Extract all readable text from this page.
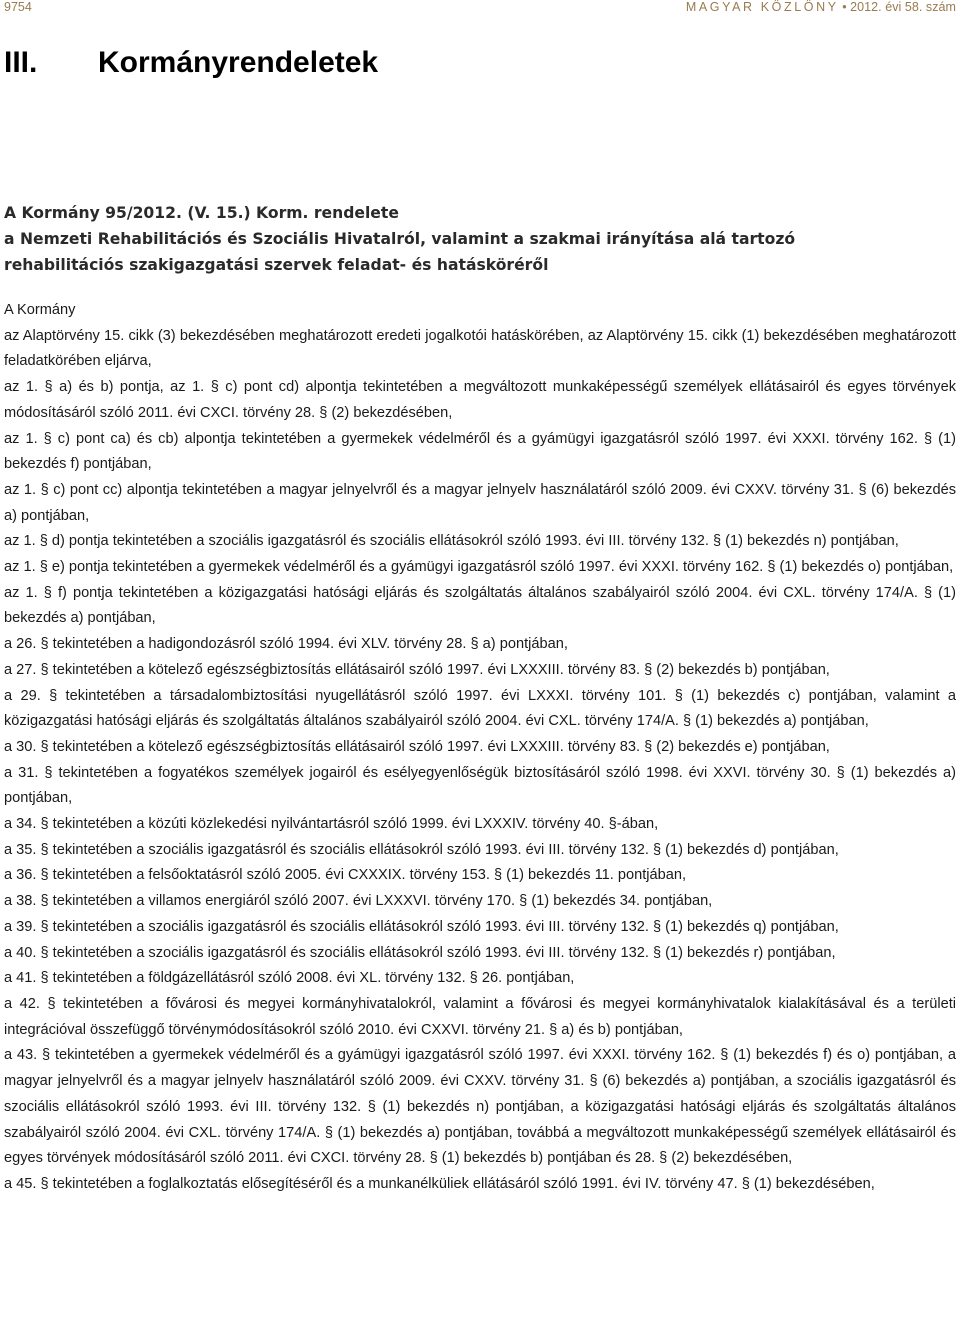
9754	MAGYAR KÖZLÖNY • 2012. évi 58. szám
III. Kormányrendeletek
A Kormány 95/2012. (V. 15.) Korm. rendelete
a Nemzeti Rehabilitációs és Szociális Hivatalról, valamint a szakmai irányítása alá tartozó
rehabilitációs szakigazgatási szervek feladat- és hatásköréről

A Kormány

az Alaptörvény 15. cikk (3) bekezdésében meghatározott eredeti jogalkotói hatáskörében, az Alaptörvény 15. cikk (1) bekezdésében meghatározott feladatkörében eljárva,

az 1. § a) és b) pontja, az 1. § c) pont cd) alpontja tekintetében a megváltozott munkaképességű személyek ellátásairól és egyes törvények módosításáról szóló 2011. évi CXCI. törvény 28. § (2) bekezdésében,

az 1. § c) pont ca) és cb) alpontja tekintetében a gyermekek védelméről és a gyámügyi igazgatásról szóló 1997. évi XXXI. törvény 162. § (1) bekezdés f) pontjában,

az 1. § c) pont cc) alpontja tekintetében a magyar jelnyelvről és a magyar jelnyelv használatáról szóló 2009. évi CXXV. törvény 31. § (6) bekezdés a) pontjában,

az 1. § d) pontja tekintetében a szociális igazgatásról és szociális ellátásokról szóló 1993. évi III. törvény 132. § (1) bekezdés n) pontjában,

az 1. § e) pontja tekintetében a gyermekek védelméről és a gyámügyi igazgatásról szóló 1997. évi XXXI. törvény 162. § (1) bekezdés o) pontjában,

az 1. § f) pontja tekintetében a közigazgatási hatósági eljárás és szolgáltatás általános szabályairól szóló 2004. évi CXL. törvény 174/A. § (1) bekezdés a) pontjában,

a 26. § tekintetében a hadigondozásról szóló 1994. évi XLV. törvény 28. § a) pontjában,

a 27. § tekintetében a kötelező egészségbiztosítás ellátásairól szóló 1997. évi LXXXIII. törvény 83. § (2) bekezdés b) pontjában,

a 29. § tekintetében a társadalombiztosítási nyugellátásról szóló 1997. évi LXXXI. törvény 101. § (1) bekezdés c) pontjában, valamint a közigazgatási hatósági eljárás és szolgáltatás általános szabályairól szóló 2004. évi CXL. törvény 174/A. § (1) bekezdés a) pontjában,

a 30. § tekintetében a kötelező egészségbiztosítás ellátásairól szóló 1997. évi LXXXIII. törvény 83. § (2) bekezdés e) pontjában,

a 31. § tekintetében a fogyatékos személyek jogairól és esélyegyenlőségük biztosításáról szóló 1998. évi XXVI. törvény 30. § (1) bekezdés a) pontjában,

a 34. § tekintetében a közúti közlekedési nyilvántartásról szóló 1999. évi LXXXIV. törvény 40. §-ában,

a 35. § tekintetében a szociális igazgatásról és szociális ellátásokról szóló 1993. évi III. törvény 132. § (1) bekezdés d) pontjában,

a 36. § tekintetében a felsőoktatásról szóló 2005. évi CXXXIX. törvény 153. § (1) bekezdés 11. pontjában,

a 38. § tekintetében a villamos energiáról szóló 2007. évi LXXXVI. törvény 170. § (1) bekezdés 34. pontjában,

a 39. § tekintetében a szociális igazgatásról és szociális ellátásokról szóló 1993. évi III. törvény 132. § (1) bekezdés q) pontjában,

a 40. § tekintetében a szociális igazgatásról és szociális ellátásokról szóló 1993. évi III. törvény 132. § (1) bekezdés r) pontjában,

a 41. § tekintetében a földgázellátásról szóló 2008. évi XL. törvény 132. § 26. pontjában,

a 42. § tekintetében a fővárosi és megyei kormányhivatalokról, valamint a fővárosi és megyei kormányhivatalok kialakításával és a területi integrációval összefüggő törvénymódosításokról szóló 2010. évi CXXVI. törvény 21. § a) és b) pontjában,

a 43. § tekintetében a gyermekek védelméről és a gyámügyi igazgatásról szóló 1997. évi XXXI. törvény 162. § (1) bekezdés f) és o) pontjában, a magyar jelnyelvről és a magyar jelnyelv használatáról szóló 2009. évi CXXV. törvény 31. § (6) bekezdés a) pontjában, a szociális igazgatásról és szociális ellátásokról szóló 1993. évi III. törvény 132. § (1) bekezdés n) pontjában, a közigazgatási hatósági eljárás és szolgáltatás általános szabályairól szóló 2004. évi CXL. törvény 174/A. § (1) bekezdés a) pontjában, továbbá a megváltozott munkaképességű személyek ellátásairól és egyes törvények módosításáról szóló 2011. évi CXCI. törvény 28. § (1) bekezdés b) pontjában és 28. § (2) bekezdésében,

a 45. § tekintetében a foglalkoztatás elősegítéséről és a munkanélküliek ellátásáról szóló 1991. évi IV. törvény 47. § (1) bekezdésében,
